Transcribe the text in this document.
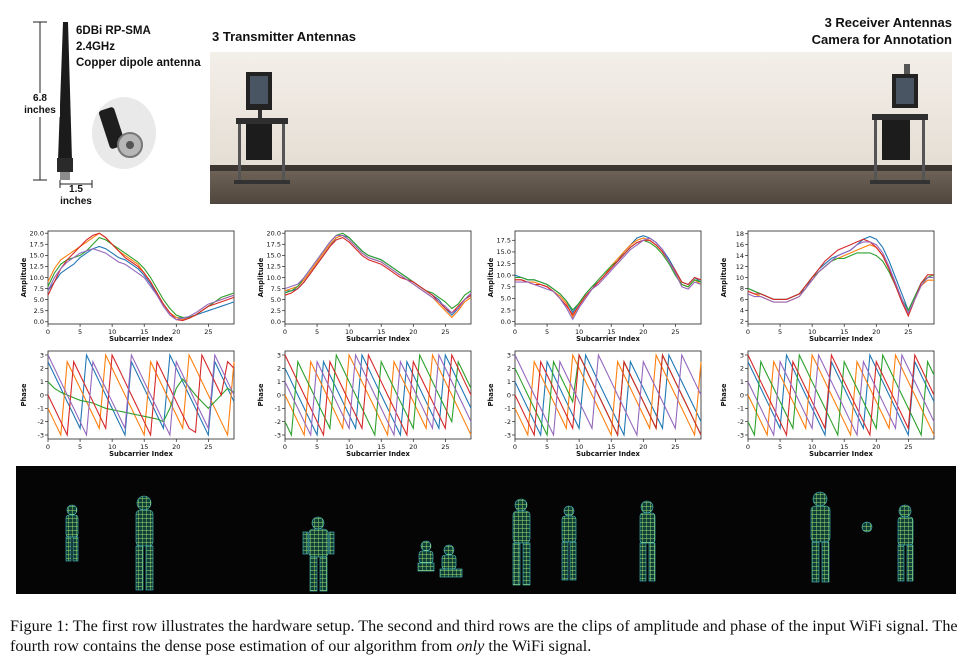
6DBi RP-SMA
2.4GHz
Copper dipole antenna
6.8
inches
1.5
inches
3 Transmitter Antennas
3 Receiver Antennas
Camera for Annotation
0	5	10	15	20	25
0.0
2.5
5.0
7.5
10.0
12.5
15.0
17.5
20.0
Subcarrier Index
Amplitude
0	5	10	15	20	25
0.0
2.5
5.0
7.5
10.0
12.5
15.0
17.5
20.0
Subcarrier Index
Amplitude
0	5	10	15	20	25
0.0
2.5
5.0
7.5
10.0
12.5
15.0
17.5
Subcarrier Index
Amplitude
0	5	10	15	20	25
2
4
6
8
10
12
14
16
18
Subcarrier Index
Amplitude
0	5	10	15	20	25
-3
-2
-1
0
1
2
3
Subcarrier Index
Phase
0	5	10	15	20	25
-3
-2
-1
0
1
2
3
Subcarrier Index
Phase
0	5	10	15	20	25
-3
-2
-1
0
1
2
3
Subcarrier Index
Phase
0	5	10	15	20	25
-3
-2
-1
0
1
2
3
Subcarrier Index
Phase
Figure 1: The first row illustrates the hardware setup. The second and third rows are the clips of amplitude and phase of the input WiFi signal. The fourth row contains the dense pose estimation of our algorithm from only the WiFi signal.
